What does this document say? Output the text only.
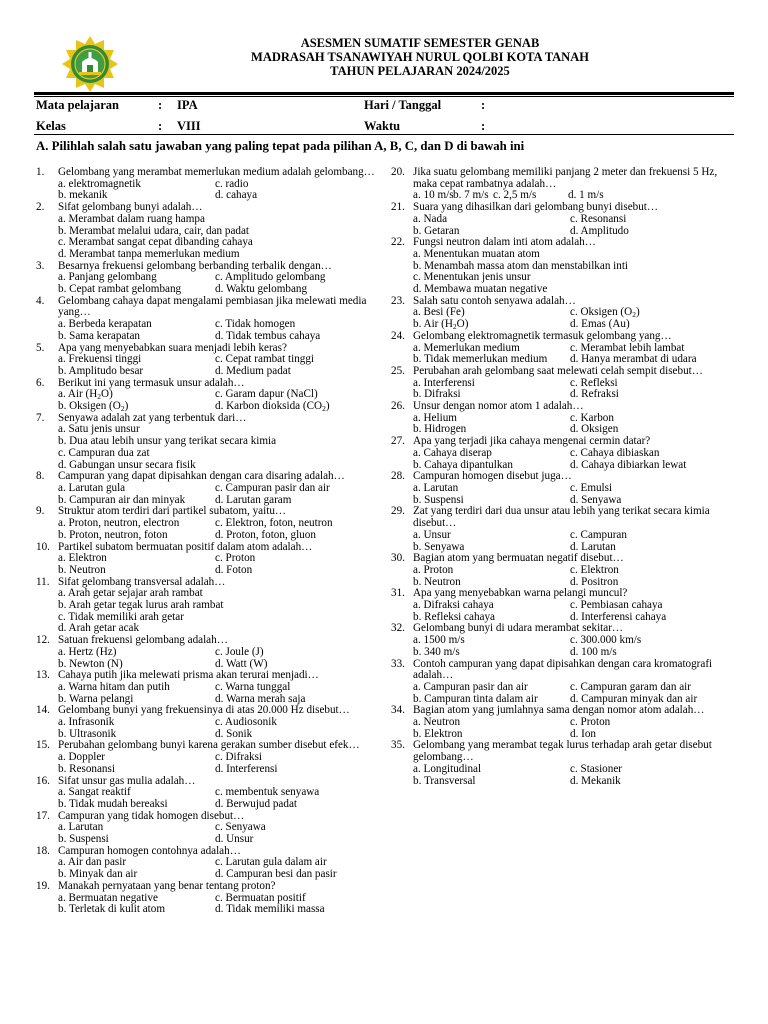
ASESMEN SUMATIF SEMESTER GENAB
MADRASAH TSANAWIYAH NURUL QOLBI KOTA TANAH
TAHUN PELAJARAN 2024/2025
Mata pelajaran	: IPA	Hari / Tanggal	:
Kelas	: VIII	Waktu	:
A. Pilihlah salah satu jawaban yang paling tepat pada pilihan A, B, C, dan D di bawah ini
1. Gelombang yang merambat memerlukan medium adalah gelombang…
a. elektromagnetik	c. radio
b. mekanik	d. cahaya
2. Sifat gelombang bunyi adalah…
a. Merambat dalam ruang hampa
b. Merambat melalui udara, cair, dan padat
c. Merambat sangat cepat dibanding cahaya
d. Merambat tanpa memerlukan medium
3. Besarnya frekuensi gelombang berbanding terbalik dengan…
a. Panjang gelombang	c. Amplitudo gelombang
b. Cepat rambat gelombang	d. Waktu gelombang
4. Gelombang cahaya dapat mengalami pembiasan jika melewati media yang…
a. Berbeda kerapatan	c. Tidak homogen
b. Sama kerapatan	d. Tidak tembus cahaya
5. Apa yang menyebabkan suara menjadi lebih keras?
a. Frekuensi tinggi	c. Cepat rambat tinggi
b. Amplitudo besar	d. Medium padat
6. Berikut ini yang termasuk unsur adalah…
a. Air $(H_2O)$	c. Garam dapur (NaCl)
b. Oksigen $(O_2)$	d. Karbon dioksida $(CO_2)$
7. Senyawa adalah zat yang terbentuk dari…
a. Satu jenis unsur
b. Dua atau lebih unsur yang terikat secara kimia
c. Campuran dua zat
d. Gabungan unsur secara fisik
8. Campuran yang dapat dipisahkan dengan cara disaring adalah…
a. Larutan gula	c. Campuran pasir dan air
b. Campuran air dan minyak	d. Larutan garam
9. Struktur atom terdiri dari partikel subatom, yaitu…
a. Proton, neutron, electron	c. Elektron, foton, neutron
b. Proton, neutron, foton	d. Proton, foton, gluon
10. Partikel subatom bermuatan positif dalam atom adalah…
a. Elektron	c. Proton
b. Neutron	d. Foton
11. Sifat gelombang transversal adalah…
a. Arah getar sejajar arah rambat
b. Arah getar tegak lurus arah rambat
c. Tidak memiliki arah getar
d. Arah getar acak
12. Satuan frekuensi gelombang adalah…
a. Hertz (Hz)	c. Joule (J)
b. Newton (N)	d. Watt (W)
13. Cahaya putih jika melewati prisma akan terurai menjadi…
a. Warna hitam dan putih	c. Warna tunggal
b. Warna pelangi	d. Warna merah saja
14. Gelombang bunyi yang frekuensinya di atas 20.000 Hz disebut…
a. Infrasonik	c. Audiosonik
b. Ultrasonik	d. Sonik
15. Perubahan gelombang bunyi karena gerakan sumber disebut efek…
a. Doppler	c. Difraksi
b. Resonansi	d. Interferensi
16. Sifat unsur gas mulia adalah…
a. Sangat reaktif	c. membentuk senyawa
b. Tidak mudah bereaksi	d. Berwujud padat
17. Campuran yang tidak homogen disebut…
a. Larutan	c. Senyawa
b. Suspensi	d. Unsur
18. Campuran homogen contohnya adalah…
a. Air dan pasir	c. Larutan gula dalam air
b. Minyak dan air	d. Campuran besi dan pasir
19. Manakah pernyataan yang benar tentang proton?
a. Bermuatan negative	c. Bermuatan positif
b. Terletak di kulit atom	d. Tidak memiliki massa
20. Jika suatu gelombang memiliki panjang 2 meter dan frekuensi 5 Hz, maka cepat rambatnya adalah…
a. 10 m/s b. 7 m/s c. 2,5 m/s	d. 1 m/s
21. Suara yang dihasilkan dari gelombang bunyi disebut…
a. Nada	c. Resonansi
b. Getaran	d. Amplitudo
22. Fungsi neutron dalam inti atom adalah…
a. Menentukan muatan atom
b. Menambah massa atom dan menstabilkan inti
c. Menentukan jenis unsur
d. Membawa muatan negative
23. Salah satu contoh senyawa adalah…
a. Besi (Fe)	c. Oksigen $(O_2)$
b. Air $(H_2O)$	d. Emas (Au)
24. Gelombang elektromagnetik termasuk gelombang yang…
a. Memerlukan medium	c. Merambat lebih lambat
b. Tidak memerlukan medium	d. Hanya merambat di udara
25. Perubahan arah gelombang saat melewati celah sempit disebut…
a. Interferensi	c. Refleksi
b. Difraksi	d. Refraksi
26. Unsur dengan nomor atom 1 adalah…
a. Helium	c. Karbon
b. Hidrogen	d. Oksigen
27. Apa yang terjadi jika cahaya mengenai cermin datar?
a. Cahaya diserap	c. Cahaya dibiaskan
b. Cahaya dipantulkan	d. Cahaya dibiarkan lewat
28. Campuran homogen disebut juga…
a. Larutan	c. Emulsi
b. Suspensi	d. Senyawa
29. Zat yang terdiri dari dua unsur atau lebih yang terikat secara kimia disebut…
a. Unsur	c. Campuran
b. Senyawa	d. Larutan
30. Bagian atom yang bermuatan negatif disebut…
a. Proton	c. Elektron
b. Neutron	d. Positron
31. Apa yang menyebabkan warna pelangi muncul?
a. Difraksi cahaya	c. Pembiasan cahaya
b. Refleksi cahaya	d. Interferensi cahaya
32. Gelombang bunyi di udara merambat sekitar…
a. 1500 m/s	c. 300.000 km/s
b. 340 m/s	d. 100 m/s
33. Contoh campuran yang dapat dipisahkan dengan cara kromatografi adalah…
a. Campuran pasir dan air	c. Campuran garam dan air
b. Campuran tinta dalam air	d. Campuran minyak dan air
34. Bagian atom yang jumlahnya sama dengan nomor atom adalah…
a. Neutron	c. Proton
b. Elektron	d. Ion
35. Gelombang yang merambat tegak lurus terhadap arah getar disebut gelombang…
a. Longitudinal	c. Stasioner
b. Transversal	d. Mekanik
